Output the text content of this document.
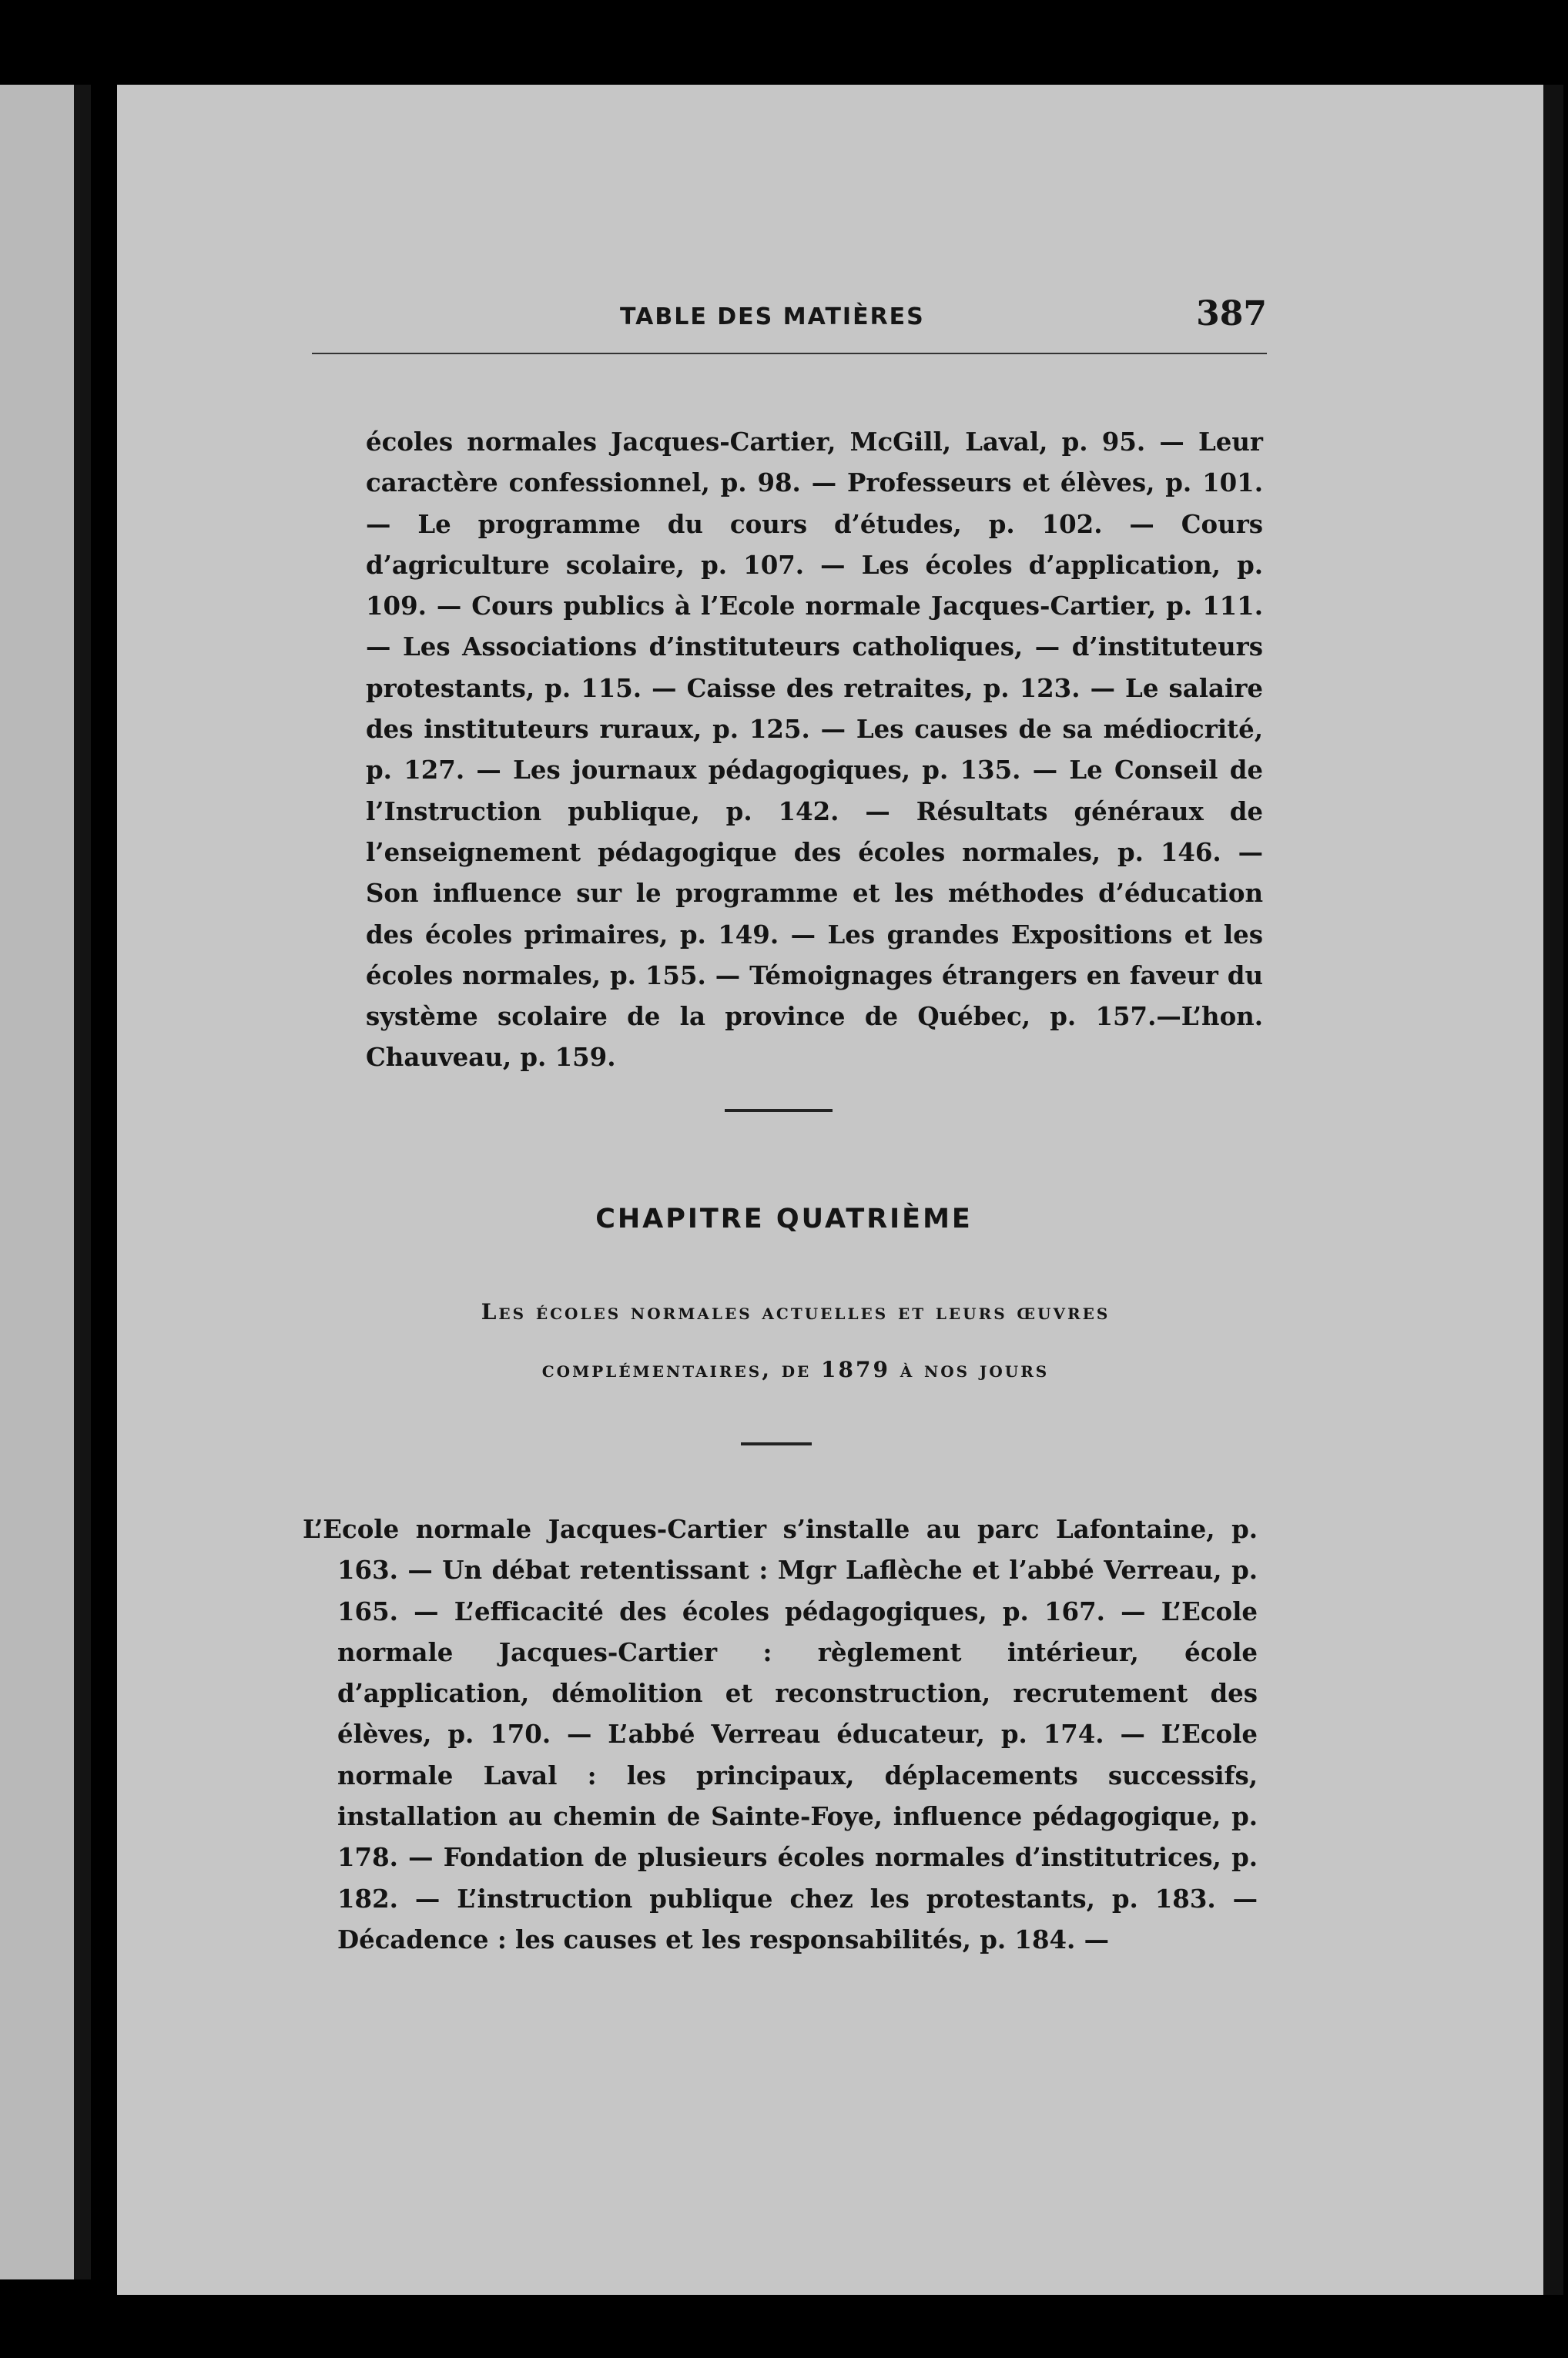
TABLE DES MATIÈRES	387

écoles normales Jacques-Cartier, McGill, Laval, p. 95. — Leur caractère confessionnel, p. 98. — Professeurs et élèves, p. 101. — Le programme du cours d’études, p. 102. — Cours d’agriculture scolaire, p. 107. — Les écoles d’application, p. 109. — Cours publics à l’Ecole normale Jacques-Cartier, p. 111. — Les Associations d’instituteurs catholiques, — d’instituteurs protestants, p. 115. — Caisse des retraites, p. 123. — Le salaire des instituteurs ruraux, p. 125. — Les causes de sa médiocrité, p. 127. — Les journaux pédagogiques, p. 135. — Le Conseil de l’Instruction publique, p. 142. — Résultats généraux de l’enseignement pédagogique des écoles normales, p. 146. — Son influence sur le programme et les méthodes d’éducation des écoles primaires, p. 149. — Les grandes Expositions et les écoles normales, p. 155. — Témoignages étrangers en faveur du système scolaire de la province de Québec, p. 157.—L’hon. Chauveau, p. 159.

CHAPITRE QUATRIÈME
Les écoles normales actuelles et leurs œuvres
complémentaires, de 1879 à nos jours

L’Ecole normale Jacques-Cartier s’installe au parc Lafontaine, p. 163. — Un débat retentissant : Mgr Laflèche et l’abbé Verreau, p. 165. — L’efficacité des écoles pédagogiques, p. 167. — L’Ecole normale Jacques-Cartier : règlement intérieur, école d’application, démolition et reconstruction, recrutement des élèves, p. 170. — L’abbé Verreau éducateur, p. 174. — L’Ecole normale Laval : les principaux, déplacements successifs, installation au chemin de Sainte-Foye, influence pédagogique, p. 178. — Fondation de plusieurs écoles normales d’institutrices, p. 182. — L’instruction publique chez les protestants, p. 183. — Décadence : les causes et les responsabilités, p. 184. —
